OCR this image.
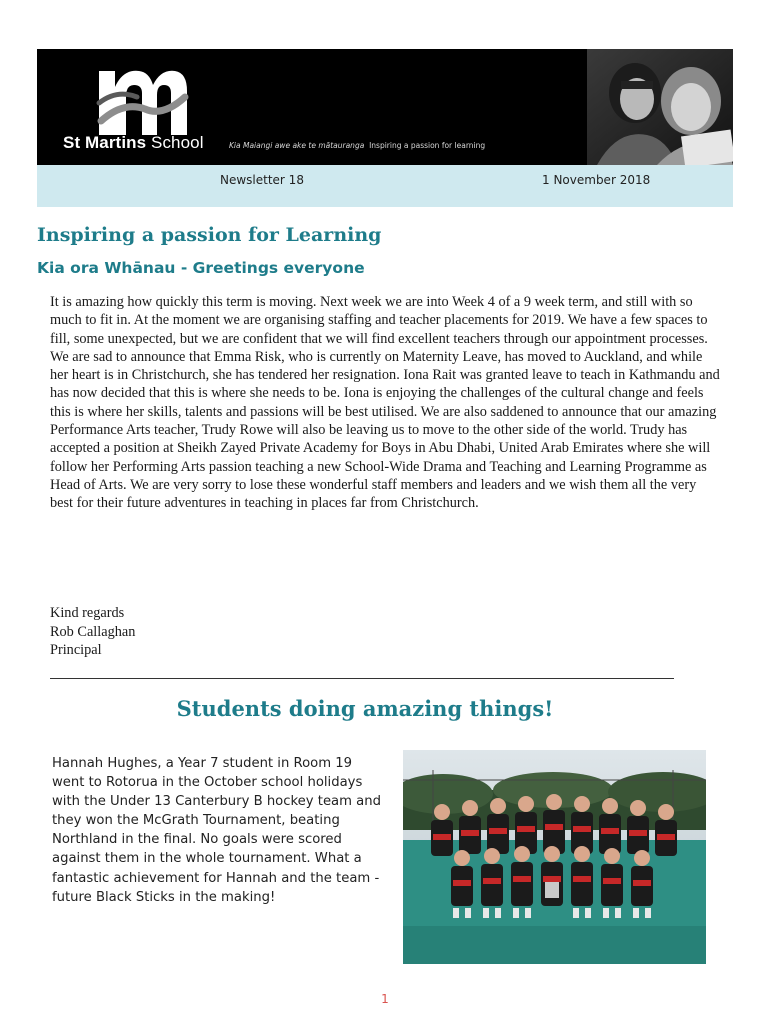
St Martins School	Kia Maiangi awe ake te mātauranga Inspiring a passion for learning
Newsletter 18	1 November 2018
Inspiring a passion for Learning
Kia ora Whānau - Greetings everyone

It is amazing how quickly this term is moving. Next week we are into Week 4 of a 9 week term, and still with so much to fit in. At the moment we are organising staffing and teacher placements for 2019. We have a few spaces to fill, some unexpected, but we are confident that we will find excellent teachers through our appointment processes. We are sad to announce that Emma Risk, who is currently on Maternity Leave, has moved to Auckland, and while her heart is in Christchurch, she has tendered her resignation. Iona Rait was granted leave to teach in Kathmandu and has now decided that this is where she needs to be. Iona is enjoying the challenges of the cultural change and feels this is where her skills, talents and passions will be best utilised. We are also saddened to announce that our amazing Performance Arts teacher, Trudy Rowe will also be leaving us to move to the other side of the world. Trudy has accepted a position at Sheikh Zayed Private Academy for Boys in Abu Dhabi, United Arab Emirates where she will follow her Performing Arts passion teaching a new School-Wide Drama and Teaching and Learning Programme as Head of Arts. We are very sorry to lose these wonderful staff members and leaders and we wish them all the very best for their future adventures in teaching in places far from Christchurch.

Kind regards
Rob Callaghan
Principal
Students doing amazing things!

Hannah Hughes, a Year 7 student in Room 19 went to Rotorua in the October school holidays with the Under 13 Canterbury B hockey team and they won the McGrath Tournament, beating Northland in the final. No goals were scored against them in the whole tournament. What a fantastic achievement for Hannah and the team - future Black Sticks in the making!

1
